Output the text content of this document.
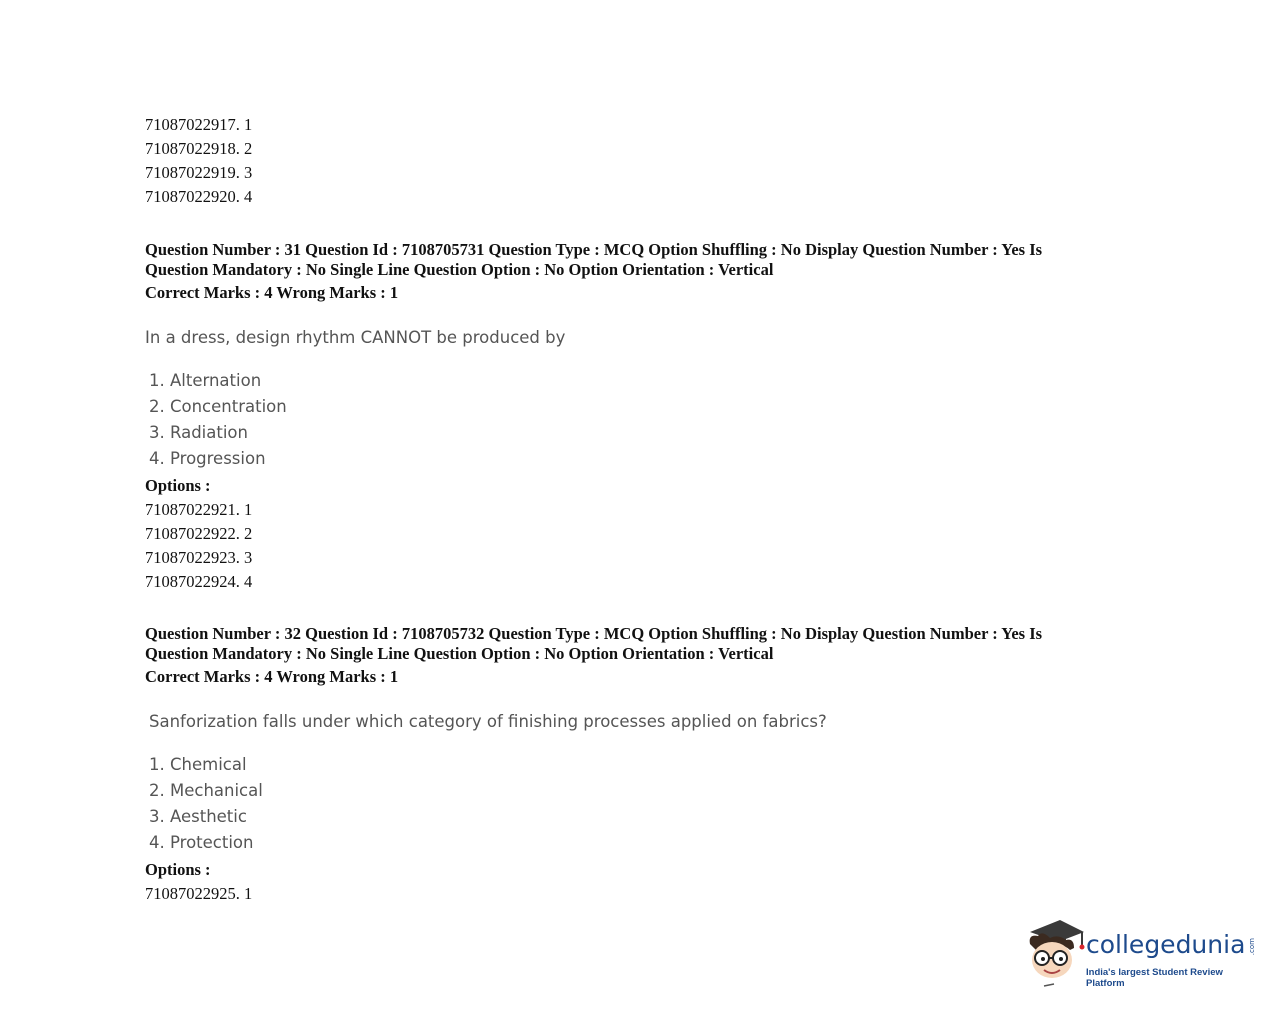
71087022917. 1
71087022918. 2
71087022919. 3
71087022920. 4
Question Number : 31 Question Id : 7108705731 Question Type : MCQ Option Shuffling : No Display Question Number : Yes Is
Question Mandatory : No Single Line Question Option : No Option Orientation : Vertical
Correct Marks : 4 Wrong Marks : 1
In a dress, design rhythm CANNOT be produced by
1. Alternation
2. Concentration
3. Radiation
4. Progression
Options :
71087022921. 1
71087022922. 2
71087022923. 3
71087022924. 4
Question Number : 32 Question Id : 7108705732 Question Type : MCQ Option Shuffling : No Display Question Number : Yes Is
Question Mandatory : No Single Line Question Option : No Option Orientation : Vertical
Correct Marks : 4 Wrong Marks : 1
Sanforization falls under which category of finishing processes applied on fabrics?
1. Chemical
2. Mechanical
3. Aesthetic
4. Protection
Options :
71087022925. 1
collegedunia .com
India's largest Student Review Platform
